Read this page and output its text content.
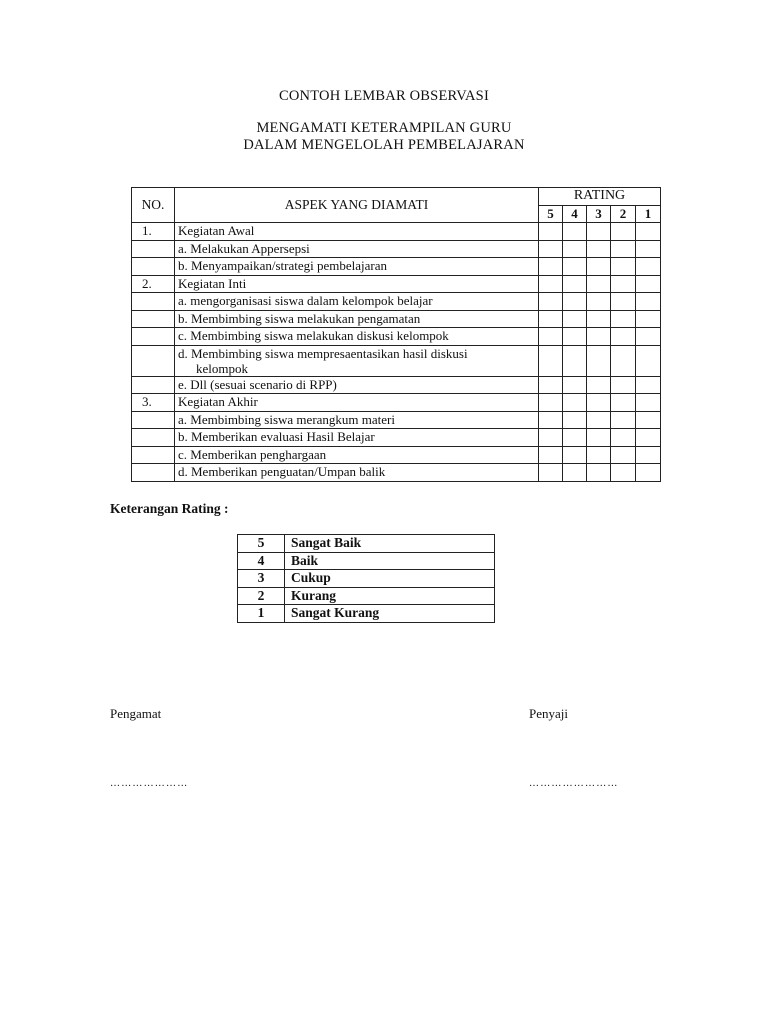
CONTOH LEMBAR OBSERVASI
MENGAMATI KETERAMPILAN GURU
DALAM MENGELOLAH PEMBELAJARAN
NO.	ASPEK YANG DIAMATI	RATING				
		5	4	3	2	1
1.	Kegiatan Awal					
	a. Melakukan Appersepsi					
	b. Menyampaikan/strategi pembelajaran					
2.	Kegiatan Inti					
	a. mengorganisasi siswa dalam kelompok belajar					
	b. Membimbing siswa melakukan pengamatan					
	c. Membimbing siswa melakukan diskusi kelompok					
	d. Membimbing siswa mempresaentasikan hasil diskusi
kelompok					

	e. Dll (sesuai scenario di RPP)					
3.	Kegiatan Akhir					
	a. Membimbing siswa merangkum materi					
	b. Memberikan evaluasi Hasil Belajar					
	c. Memberikan penghargaan					
	d. Memberikan penguatan/Umpan balik					
Keterangan Rating :
5	Sangat Baik
4	Baik
3	Cukup
2	Kurang
1	Sangat Kurang
Pengamat	Penyaji
…………………	……………………
